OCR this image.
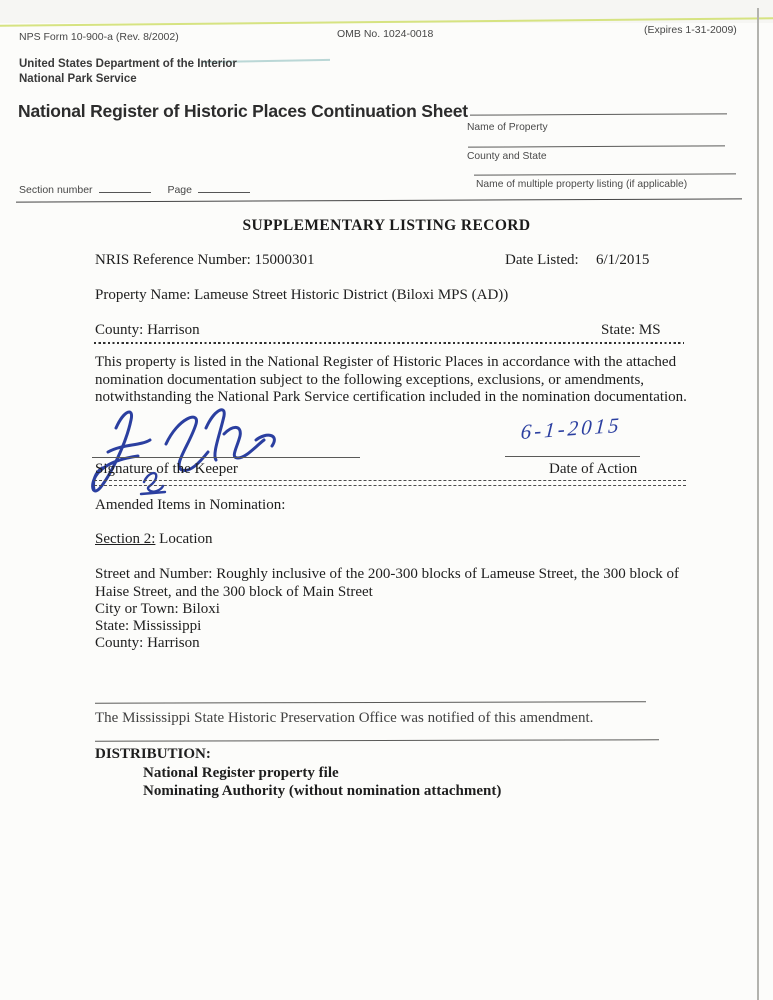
NPS Form 10-900-a (Rev. 8/2002)	OMB No. 1024-0018	(Expires 1-31-2009)
United States Department of the Interior
National Park Service
National Register of Historic Places Continuation Sheet
Name of Property
County and State
Name of multiple property listing (if applicable)
Section number	Page
SUPPLEMENTARY LISTING RECORD
NRIS Reference Number: 15000301	Date Listed: 6/1/2015
Property Name: Lameuse Street Historic District (Biloxi MPS (AD))
County: Harrison	State: MS
This property is listed in the National Register of Historic Places in accordance with the attached nomination documentation subject to the following exceptions, exclusions, or amendments, notwithstanding the National Park Service certification included in the nomination documentation.
Signature of the Keeper
6-1-2015
Date of Action
Amended Items in Nomination:
Section 2: Location
Street and Number: Roughly inclusive of the 200-300 blocks of Lameuse Street, the 300 block of Haise Street, and the 300 block of Main Street
City or Town: Biloxi
State: Mississippi
County: Harrison
The Mississippi State Historic Preservation Office was notified of this amendment.
DISTRIBUTION:
National Register property file
Nominating Authority (without nomination attachment)
